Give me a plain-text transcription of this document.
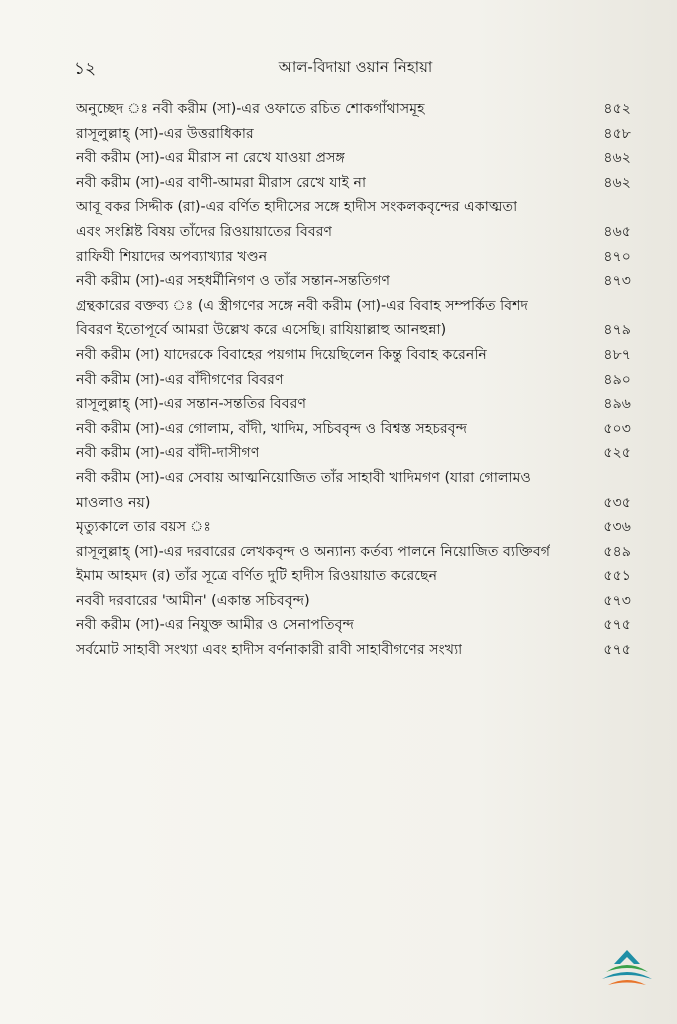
১২	আল-বিদায়া ওয়ান নিহায়া
অনুচ্ছেদ ঃ নবী করীম (সা)-এর ওফাতে রচিত শোকগাঁথাসমূহ	৪৫২
রাসূলুল্লাহ্ (সা)-এর উত্তরাধিকার	৪৫৮
নবী করীম (সা)-এর মীরাস না রেখে যাওয়া প্রসঙ্গ	৪৬২
নবী করীম (সা)-এর বাণী-আমরা মীরাস রেখে যাই না	৪৬২
আবূ বকর সিদ্দীক (রা)-এর বর্ণিত হাদীসের সঙ্গে হাদীস সংকলকবৃন্দের একাত্মতা
এবং সংশ্লিষ্ট বিষয় তাঁদের রিওয়ায়াতের বিবরণ	৪৬৫
রাফিযী শিয়াদের অপব্যাখ্যার খণ্ডন	৪৭০
নবী করীম (সা)-এর সহধর্মীনিগণ ও তাঁর সন্তান-সন্ততিগণ	৪৭৩
গ্রন্থকারের বক্তব্য ঃ (এ স্ত্রীগণের সঙ্গে নবী করীম (সা)-এর বিবাহ সম্পর্কিত বিশদ
বিবরণ ইতোপূর্বে আমরা উল্লেখ করে এসেছি। রাযিয়াল্লাহু আনহুন্না)	৪৭৯
নবী করীম (সা) যাদেরকে বিবাহের পয়গাম দিয়েছিলেন কিন্তু বিবাহ করেননি	৪৮৭
নবী করীম (সা)-এর বাঁদীগণের বিবরণ	৪৯০
রাসূলুল্লাহ্ (সা)-এর সন্তান-সন্ততির বিবরণ	৪৯৬
নবী করীম (সা)-এর গোলাম, বাঁদী, খাদিম, সচিববৃন্দ ও বিশ্বস্ত সহচরবৃন্দ	৫০৩
নবী করীম (সা)-এর বাঁদী-দাসীগণ	৫২৫
নবী করীম (সা)-এর সেবায় আত্মনিয়োজিত তাঁর সাহাবী খাদিমগণ (যারা গোলামও
মাওলাও নয়)	৫৩৫
মৃত্যুকালে তার বয়স ঃ	৫৩৬
রাসূলুল্লাহ্ (সা)-এর দরবারের লেখকবৃন্দ ও অন্যান্য কর্তব্য পালনে নিয়োজিত ব্যক্তিবর্গ	৫৪৯
ইমাম আহমদ (র) তাঁর সূত্রে বর্ণিত দুটি হাদীস রিওয়ায়াত করেছেন	৫৫১
নববী দরবারের 'আমীন' (একান্ত সচিববৃন্দ)	৫৭৩
নবী করীম (সা)-এর নিযুক্ত আমীর ও সেনাপতিবৃন্দ	৫৭৫
সর্বমোট সাহাবী সংখ্যা এবং হাদীস বর্ণনাকারী রাবী সাহাবীগণের সংখ্যা	৫৭৫
